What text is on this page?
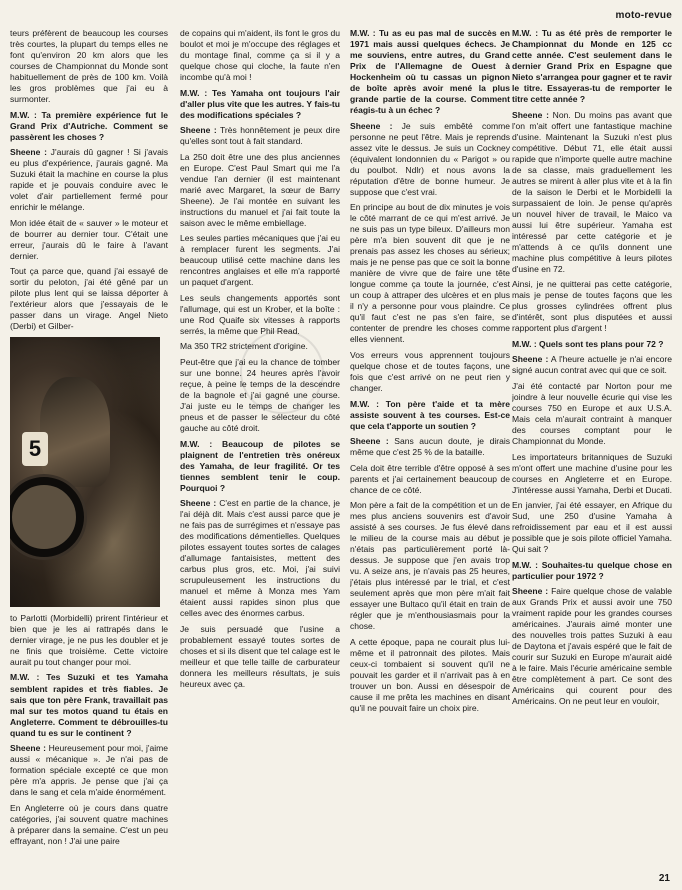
moto-revue

teurs préfèrent de beaucoup les courses très courtes, la plupart du temps elles ne font qu'environ 20 km alors que les courses de Championnat du Monde sont habituellement de près de 100 km. Voilà les gros problèmes que j'ai eu à surmonter.

M.W. : Ta première expérience fut le Grand Prix d'Autriche. Comment se passèrent les choses ?

Sheene : J'aurais dû gagner ! Si j'avais eu plus d'expérience, j'aurais gagné. Ma Suzuki était la machine en course la plus rapide et je pouvais conduire avec le volet d'air partiellement fermé pour enrichir le mélange.

Mon idée était de « sauver » le moteur et de bourrer au dernier tour. C'était une erreur, j'aurais dû le faire à l'avant dernier.

Tout ça parce que, quand j'ai essayé de sortir du peloton, j'ai été gêné par un pilote plus lent qui se laissa déporter à l'extérieur alors que j'essayais de le passer dans un virage. Angel Nieto (Derbi) et Gilber-

5

to Parlotti (Morbidelli) prirent l'intérieur et bien que je les ai rattrapés dans le dernier virage, je ne pus les doubler et je ne finis que troisième. Cette victoire aurait pu tout changer pour moi.

M.W. : Tes Suzuki et tes Yamaha semblent rapides et très fiables. Je sais que ton père Frank, travaillait pas mal sur tes motos quand tu étais en Angleterre. Comment te débrouilles-tu quand tu es sur le continent ?

Sheene : Heureusement pour moi, j'aime aussi « mécanique ». Je n'ai pas de formation spéciale excepté ce que mon père m'a appris. Je pense que j'ai ça dans le sang et cela m'aide énormément.

En Angleterre où je cours dans quatre catégories, j'ai souvent quatre machines à préparer dans la semaine. C'est un peu effrayant, non ! J'ai une paire

de copains qui m'aident, ils font le gros du boulot et moi je m'occupe des réglages et du montage final, comme ça si il y a quelque chose qui cloche, la faute n'en incombe qu'à moi !

M.W. : Tes Yamaha ont toujours l'air d'aller plus vite que les autres. Y fais-tu des modifications spéciales ?

Sheene : Très honnêtement je peux dire qu'elles sont tout à fait standard.

La 250 doit être une des plus anciennes en Europe. C'est Paul Smart qui me l'a vendue l'an dernier (il est maintenant marié avec Margaret, la sœur de Barry Sheene). Je l'ai montée en suivant les instructions du manuel et j'ai fait toute la saison avec le même embiellage.

Les seules parties mécaniques que j'ai eu à remplacer furent les segments. J'ai beaucoup utilisé cette machine dans les rencontres anglaises et elle m'a rapporté un paquet d'argent.

Les seuls changements apportés sont l'allumage, qui est un Krober, et la boîte : une Rod Quaife six vitesses à rapports serrés, la même que Phil Read.

Ma 350 TR2 strictement d'origine.

Peut-être que j'ai eu la chance de tomber sur une bonne. 24 heures après l'avoir reçue, à peine le temps de la descendre de la bagnole et j'ai gagné une course. J'ai juste eu le temps de changer les pneus et de passer le sélecteur du côté gauche au côté droit.

M.W. : Beaucoup de pilotes se plaignent de l'entretien très onéreux des Yamaha, de leur fragilité. Or tes tiennes semblent tenir le coup. Pourquoi ?

Sheene : C'est en partie de la chance, je l'ai déjà dit. Mais c'est aussi parce que je ne fais pas de surrégimes et n'essaye pas des modifications démentielles. Quelques pilotes essayent toutes sortes de calages d'allumage fantaisistes, mettent des carbus plus gros, etc. Moi, j'ai suivi scrupuleusement les instructions du manuel et même à Monza mes Yam étaient aussi rapides sinon plus que celles avec des énormes carbus.

Je suis persuadé que l'usine a probablement essayé toutes sortes de choses et si ils disent que tel calage est le meilleur et que telle taille de carburateur donnera les meilleurs résultats, je suis heureux avec ça.

M.W. : Tu as eu pas mal de succès en 1971 mais aussi quelques échecs. Je me souviens, entre autres, du Grand Prix de l'Allemagne de Ouest à Hockenheim où tu cassas un pignon de boîte après avoir mené la plus grande partie de la course. Comment réagis-tu à un échec ?

Sheene : Je suis embêté comme personne ne peut l'être. Mais je reprends assez vite le dessus. Je suis un Cockney (équivalent londonnien du « Parigot » ou du poulbot. Ndlr) et nous avons la réputation d'être de bonne humeur. Je suppose que c'est vrai.

En principe au bout de dix minutes je vois le côté marrant de ce qui m'est arrivé. Je ne suis pas un type bileux. D'ailleurs mon père m'a bien souvent dit que je ne prenais pas assez les choses au sérieux; mais je ne pense pas que ce soit la bonne manière de vivre que de faire une tête longue comme ça toute la journée, c'est un coup à attraper des ulcères et en plus il n'y a personne pour vous plaindre. Ce qu'il faut c'est ne pas s'en faire, se contenter de prendre les choses comme elles viennent.

Vos erreurs vous apprennent toujours quelque chose et de toutes façons, une fois que c'est arrivé on ne peut rien y changer.

M.W. : Ton père t'aide et ta mère assiste souvent à tes courses. Est-ce que cela t'apporte un soutien ?

Sheene : Sans aucun doute, je dirais même que c'est 25 % de la bataille.

Cela doit être terrible d'être opposé à ses parents et j'ai certainement beaucoup de chance de ce côté.

Mon père a fait de la compétition et un de mes plus anciens souvenirs est d'avoir assisté à ses courses. Je fus élevé dans le milieu de la course mais au début je n'étais pas particulièrement porté là-dessus. Je suppose que j'en avais trop vu. A seize ans, je n'avais pas 25 heures, j'étais plus intéressé par le trial, et c'est seulement après que mon père m'ait fait essayer une Bultaco qu'il était en train de régler que je m'enthousiasmais pour la chose.

A cette époque, papa ne courait plus lui-même et il patronnait des pilotes. Mais ceux-ci tombaient si souvent qu'il ne pouvait les garder et il n'arrivait pas à en trouver un bon. Aussi en désespoir de cause il me prêta les machines en disant qu'il ne pouvait faire un choix pire.

M.W. : Tu as été près de remporter le Championnat du Monde en 125 cc cette année. C'est seulement dans le dernier Grand Prix en Espagne que Nieto s'arrangea pour gagner et te ravir le titre. Essayeras-tu de remporter le titre cette année ?

Sheene : Non. Du moins pas avant que l'on m'ait offert une fantastique machine d'usine. Maintenant la Suzuki n'est plus compétitive. Début 71, elle était aussi rapide que n'importe quelle autre machine de sa classe, mais graduellement les autres se mirent à aller plus vite et à la fin de la saison le Derbi et le Morbidelli la surpassaient de loin. Je pense qu'après un nouvel hiver de travail, le Maico va aussi lui être supérieur. Yamaha est intéressé par cette catégorie et je m'attends à ce qu'ils donnent une machine plus compétitive à leurs pilotes d'usine en 72.

Ainsi, je ne quitterai pas cette catégorie, mais je pense de toutes façons que les plus grosses cylindrées offrent plus d'intérêt, sont plus disputées et aussi rapportent plus d'argent !

M.W. : Quels sont tes plans pour 72 ?

Sheene : A l'heure actuelle je n'ai encore signé aucun contrat avec qui que ce soit.

J'ai été contacté par Norton pour me joindre à leur nouvelle écurie qui vise les courses 750 en Europe et aux U.S.A. Mais cela m'aurait contraint à manquer des courses comptant pour le Championnat du Monde.

Les importateurs britanniques de Suzuki m'ont offert une machine d'usine pour les courses en Angleterre et en Europe. J'intéresse aussi Yamaha, Derbi et Ducati.

En janvier, j'ai été essayer, en Afrique du Sud, une 250 d'usine Yamaha à refroidissement par eau et il est aussi possible que je sois pilote officiel Yamaha. Qui sait ?

M.W. : Souhaites-tu quelque chose en particulier pour 1972 ?

Sheene : Faire quelque chose de valable aux Grands Prix et aussi avoir une 750 vraiment rapide pour les grandes courses américaines. J'aurais aimé monter une des nouvelles trois pattes Suzuki à eau de Daytona et j'avais espéré que le fait de courir sur Suzuki en Europe m'aurait aidé à le faire. Mais l'écurie américaine semble être complètement à part. Ce sont des Américains qui courent pour des Américains. On ne peut leur en vouloir,

21
